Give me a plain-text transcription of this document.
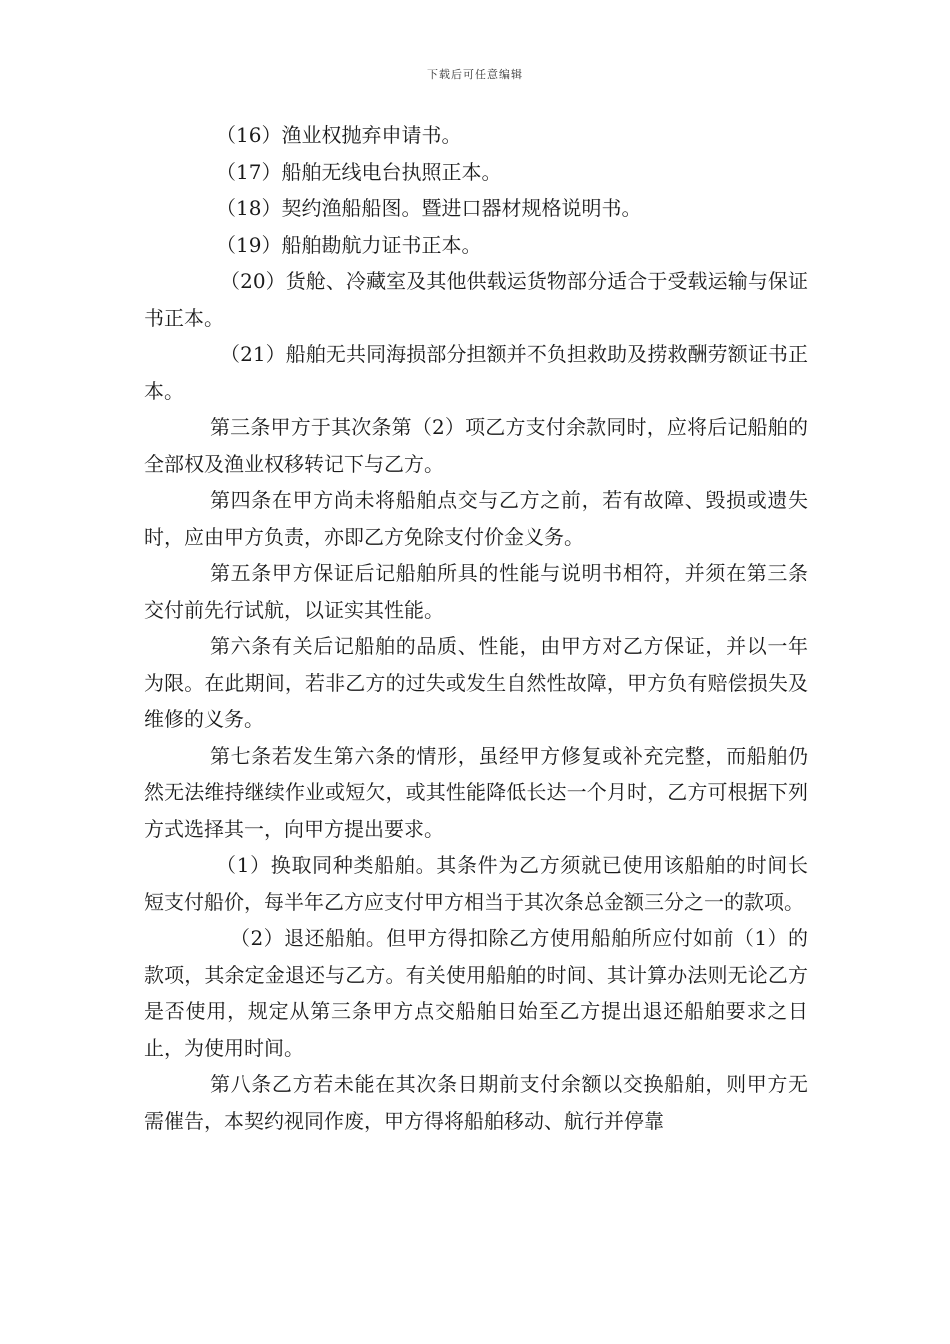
下载后可任意编辑

（16）渔业权抛弃申请书。

（17）船舶无线电台执照正本。

（18）契约渔船船图。暨进口器材规格说明书。

（19）船舶勘航力证书正本。

（20）货舱、冷藏室及其他供载运货物部分适合于受载运输与保证书正本。

（21）船舶无共同海损部分担额并不负担救助及捞救酬劳额证书正本。

第三条甲方于其次条第（2）项乙方支付余款同时，应将后记船舶的全部权及渔业权移转记下与乙方。

第四条在甲方尚未将船舶点交与乙方之前，若有故障、毁损或遗失时，应由甲方负责，亦即乙方免除支付价金义务。

第五条甲方保证后记船舶所具的性能与说明书相符，并须在第三条交付前先行试航，以证实其性能。

第六条有关后记船舶的品质、性能，由甲方对乙方保证，并以一年为限。在此期间，若非乙方的过失或发生自然性故障，甲方负有赔偿损失及维修的义务。

第七条若发生第六条的情形，虽经甲方修复或补充完整，而船舶仍然无法维持继续作业或短欠，或其性能降低长达一个月时，乙方可根据下列方式选择其一，向甲方提出要求。

（1）换取同种类船舶。其条件为乙方须就已使用该船舶的时间长短支付船价，每半年乙方应支付甲方相当于其次条总金额三分之一的款项。

（2）退还船舶。但甲方得扣除乙方使用船舶所应付如前（1）的款项，其余定金退还与乙方。有关使用船舶的时间、其计算办法则无论乙方是否使用，规定从第三条甲方点交船舶日始至乙方提出退还船舶要求之日止，为使用时间。

第八条乙方若未能在其次条日期前支付余额以交换船舶，则甲方无需催告，本契约视同作废，甲方得将船舶移动、航行并停靠
